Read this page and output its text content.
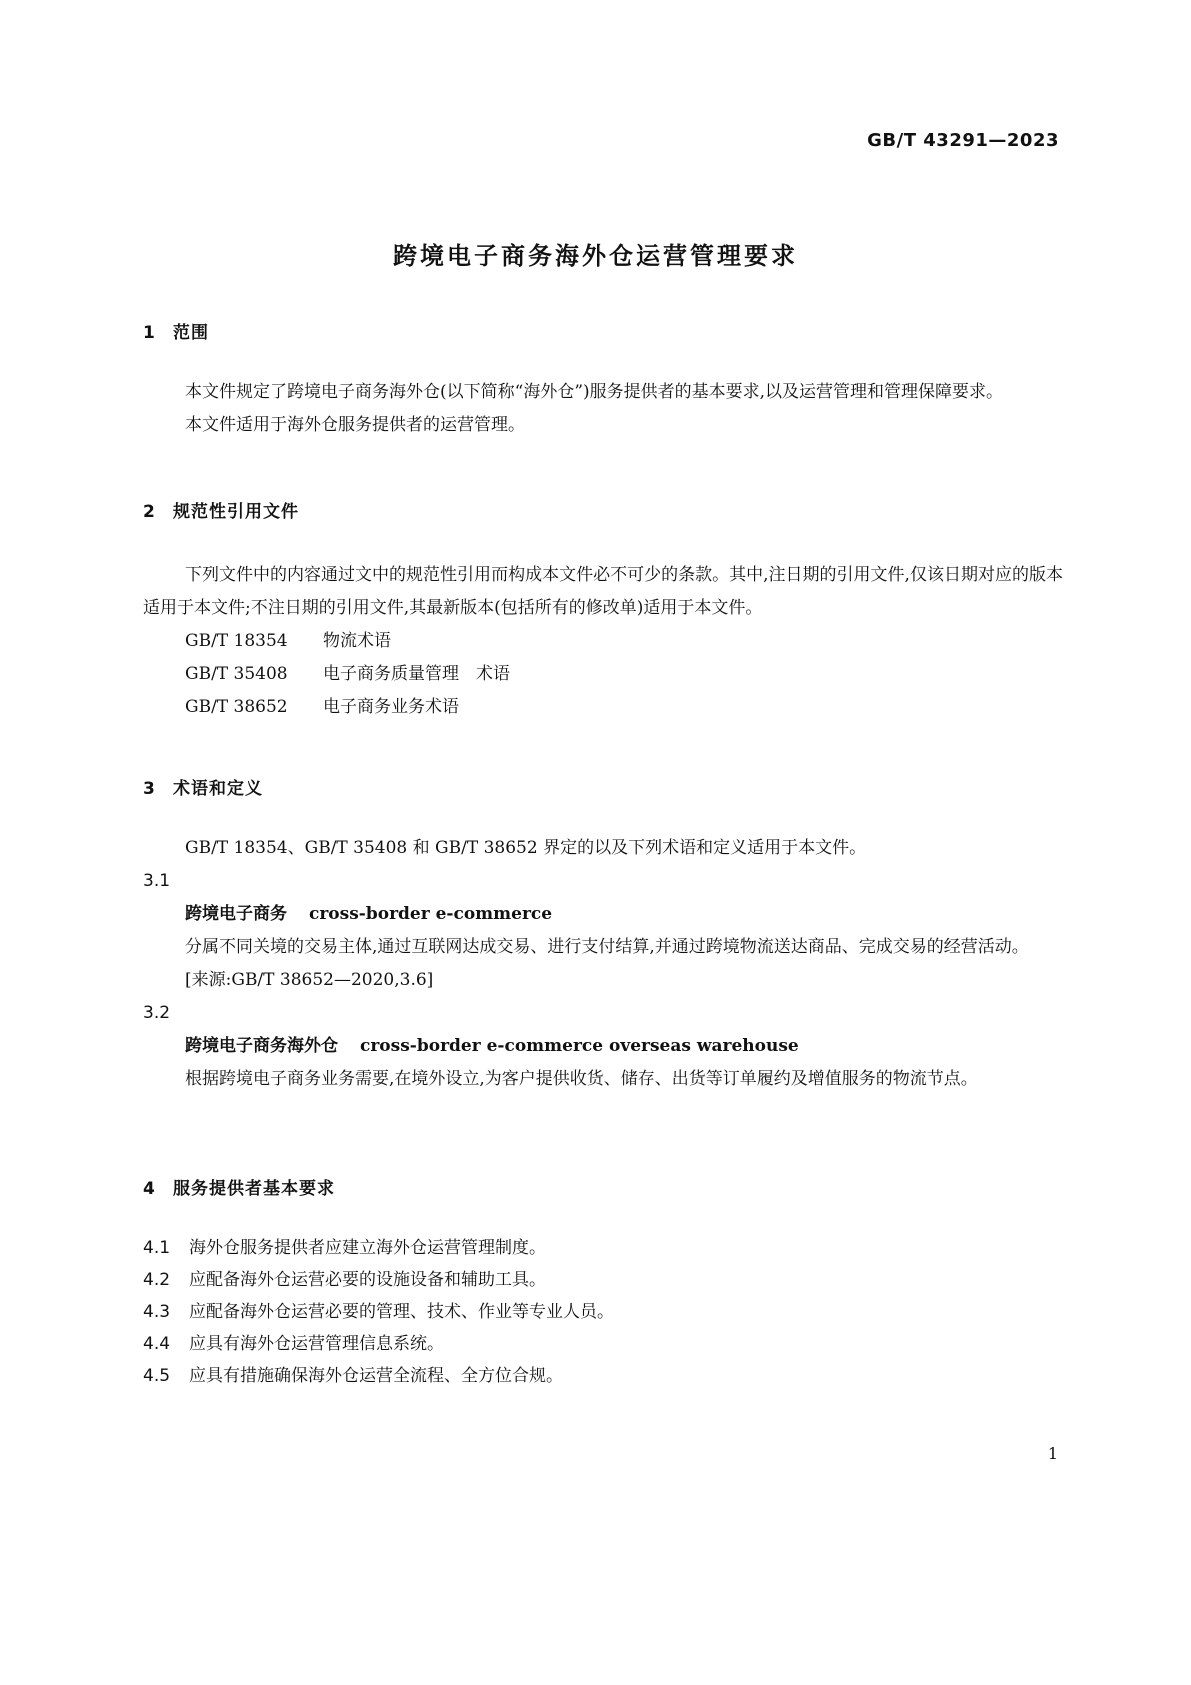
GB/T 43291—2023
跨境电子商务海外仓运营管理要求
1 范围
本文件规定了跨境电子商务海外仓(以下简称“海外仓”)服务提供者的基本要求,以及运营管理和管理保障要求。
本文件适用于海外仓服务提供者的运营管理。
2 规范性引用文件
下列文件中的内容通过文中的规范性引用而构成本文件必不可少的条款。其中,注日期的引用文件,仅该日期对应的版本适用于本文件;不注日期的引用文件,其最新版本(包括所有的修改单)适用于本文件。
GB/T 18354 物流术语
GB/T 35408 电子商务质量管理　术语
GB/T 38652 电子商务业务术语
3 术语和定义
GB/T 18354、GB/T 35408 和 GB/T 38652 界定的以及下列术语和定义适用于本文件。
3.1
跨境电子商务 cross-border e-commerce
分属不同关境的交易主体,通过互联网达成交易、进行支付结算,并通过跨境物流送达商品、完成交易的经营活动。
[来源:GB/T 38652—2020,3.6]
3.2
跨境电子商务海外仓 cross-border e-commerce overseas warehouse
根据跨境电子商务业务需要,在境外设立,为客户提供收货、储存、出货等订单履约及增值服务的物流节点。
4 服务提供者基本要求
4.1 海外仓服务提供者应建立海外仓运营管理制度。
4.2 应配备海外仓运营必要的设施设备和辅助工具。
4.3 应配备海外仓运营必要的管理、技术、作业等专业人员。
4.4 应具有海外仓运营管理信息系统。
4.5 应具有措施确保海外仓运营全流程、全方位合规。
1
